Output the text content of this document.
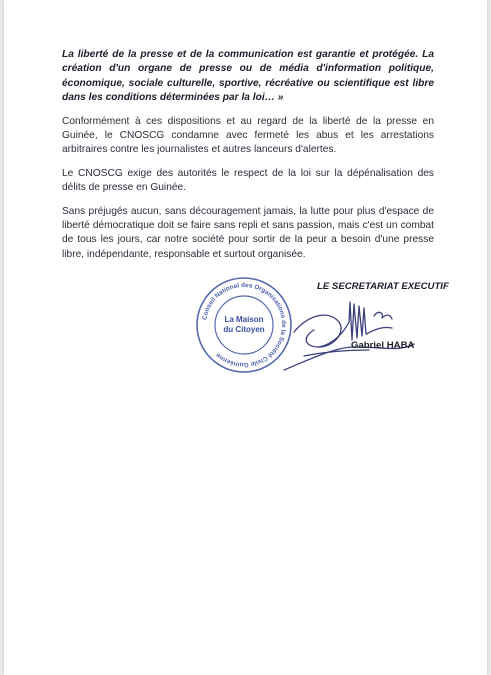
La liberté de la presse et de la communication est garantie et protégée. La création d'un organe de presse ou de média d'information politique, économique, sociale culturelle, sportive, récréative ou scientifique est libre dans les conditions déterminées par la loi… »

Conformément à ces dispositions et au regard de la liberté de la presse en Guinée, le CNOSCG condamne avec fermeté les abus et les arrestations arbitraires contre les journalistes et autres lanceurs d'alertes.

Le CNOSCG exige des autorités le respect de la loi sur la dépénalisation des délits de presse en Guinée.

Sans préjugés aucun, sans découragement jamais, la lutte pour plus d'espace de liberté démocratique doit se faire sans repli et sans passion, mais c'est un combat de tous les jours, car notre société pour sortir de la peur a besoin d'une presse libre, indépendante, responsable et surtout organisée.

Conseil National des Organisations de la Société Civile Guinéenne
La Maison
du Citoyen
LE SECRETARIAT EXECUTIF
Gabriel HABA
